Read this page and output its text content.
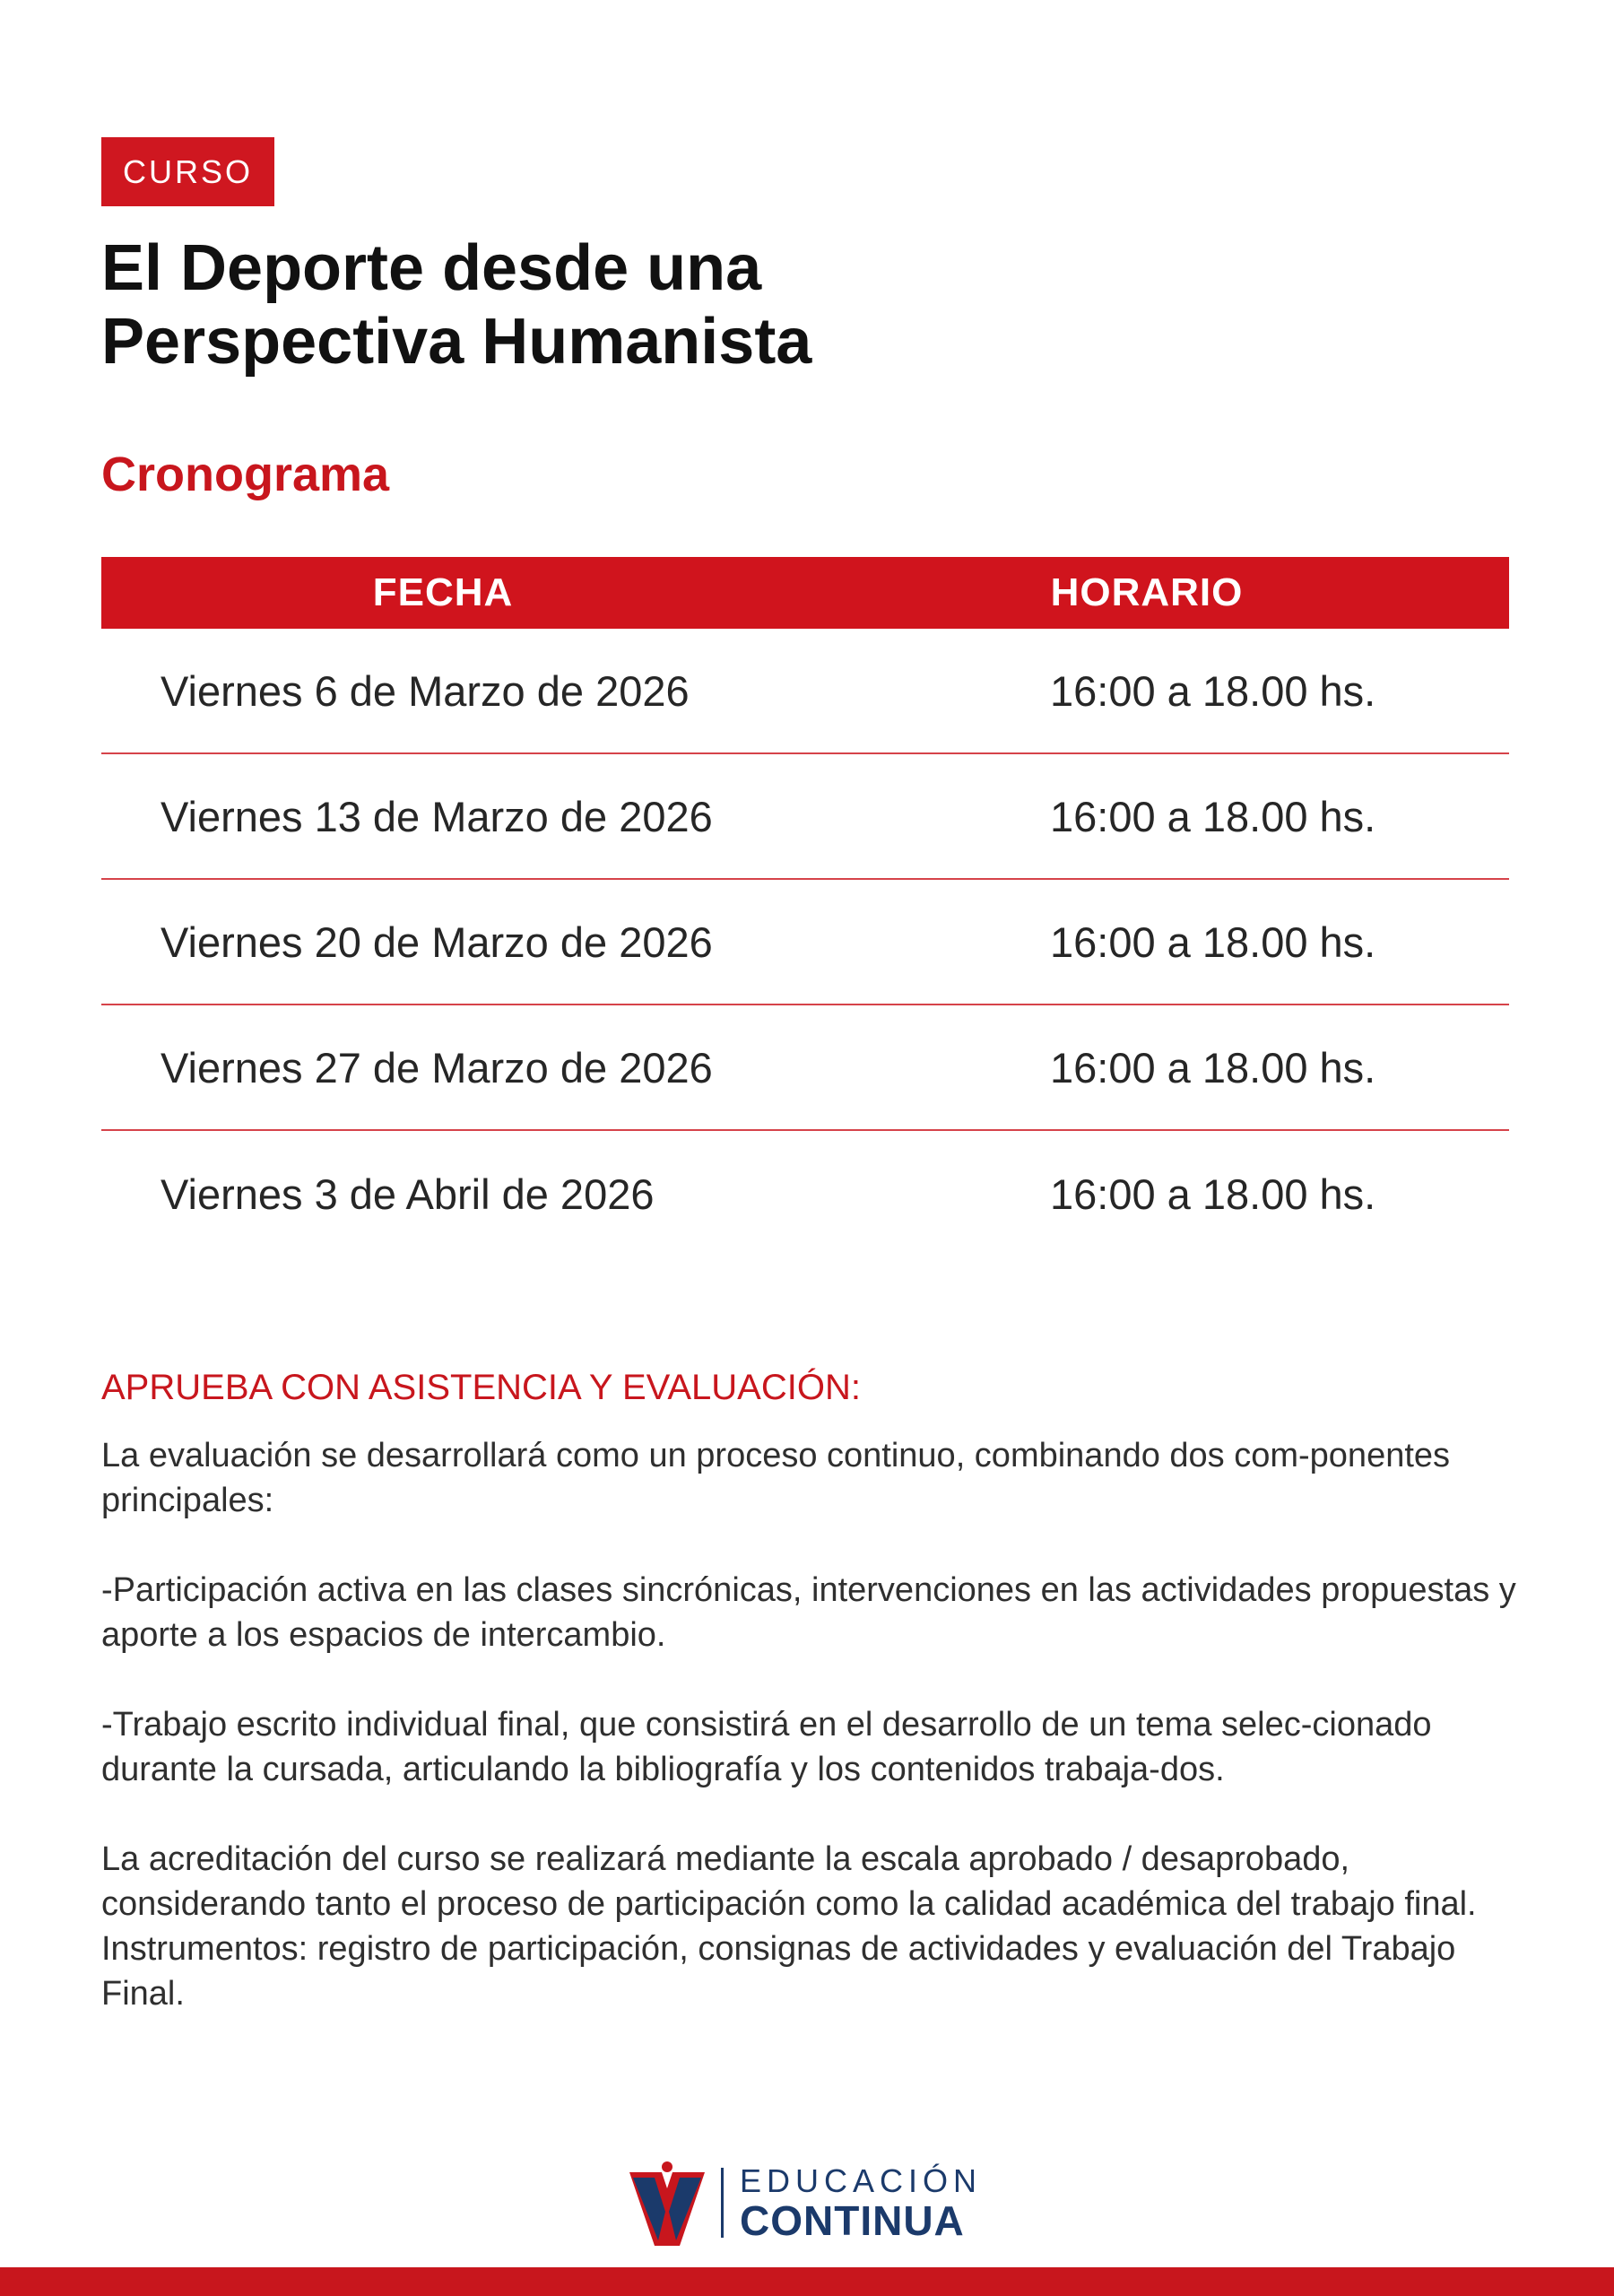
CURSO
El Deporte desde una
Perspectiva Humanista
Cronograma
FECHA	HORARIO
Viernes 6 de Marzo de 2026	16:00 a 18.00 hs.
Viernes 13 de Marzo de 2026	16:00 a 18.00 hs.
Viernes 20 de Marzo de 2026	16:00 a 18.00 hs.
Viernes 27 de Marzo de 2026	16:00 a 18.00 hs.
Viernes 3 de Abril de 2026	16:00 a 18.00 hs.
APRUEBA CON ASISTENCIA Y EVALUACIÓN:

La evaluación se desarrollará como un proceso continuo, combinando dos com-ponentes principales:

-Participación activa en las clases sincrónicas, intervenciones en las actividades propuestas y aporte a los espacios de intercambio.

-Trabajo escrito individual final, que consistirá en el desarrollo de un tema selec-cionado durante la cursada, articulando la bibliografía y los contenidos trabaja-dos.

La acreditación del curso se realizará mediante la escala aprobado / desaprobado, considerando tanto el proceso de participación como la calidad académica del trabajo final. Instrumentos: registro de participación, consignas de actividades y evaluación del Trabajo Final.

EDUCACIÓN
CONTINUA
